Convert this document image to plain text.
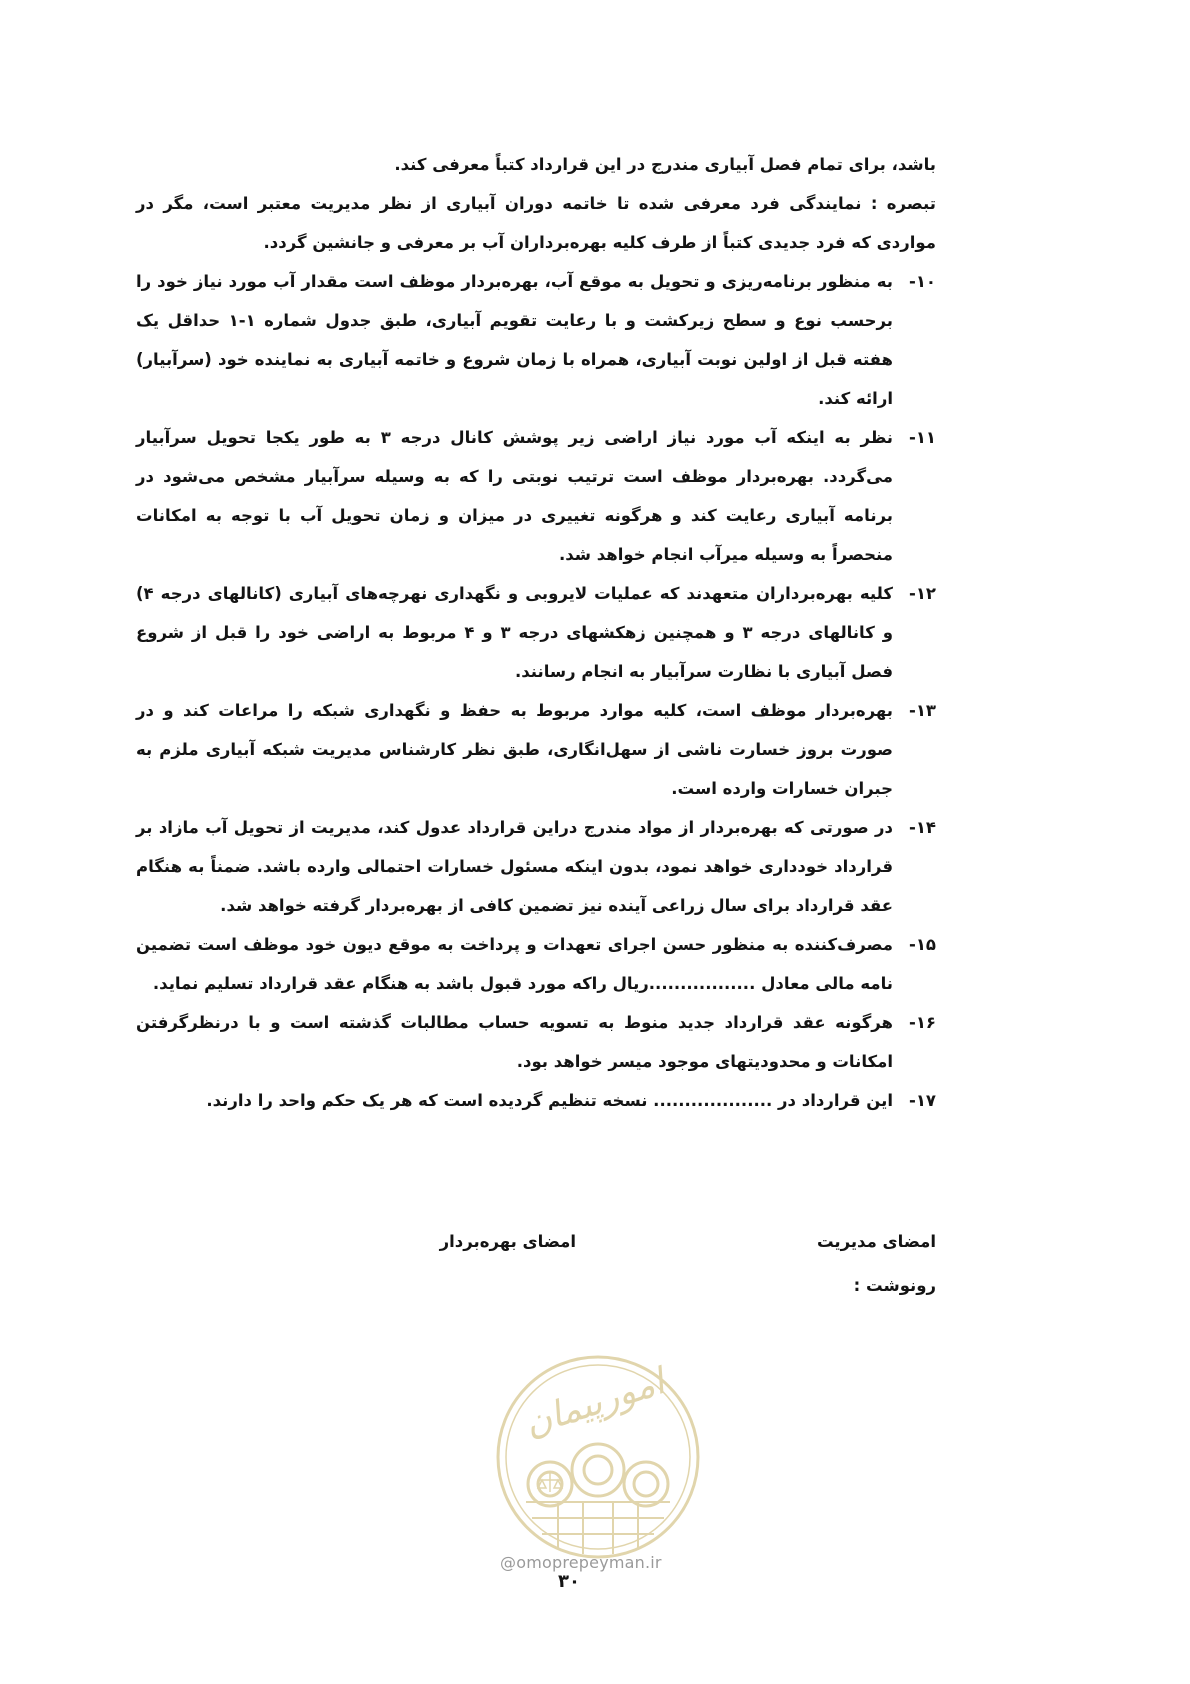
باشد، برای تمام فصل آبیاری مندرج در این قرارداد کتباً معرفی کند.
تبصره : نمایندگی فرد معرفی شده تا خاتمه دوران آبیاری از نظر مدیریت معتبر است، مگر در مواردی که فرد جدیدی کتباً از طرف کلیه بهره‌برداران آب بر معرفی و جانشین گردد.
۱۰-
به منظور برنامه‌ریزی و تحویل به موقع آب، بهره‌بردار موظف است مقدار آب مورد نیاز خود را برحسب نوع و سطح زیرکشت و با رعایت تقویم آبیاری، طبق جدول شماره ۱-۱ حداقل یک هفته قبل از اولین نوبت آبیاری، همراه با زمان شروع و خاتمه آبیاری به نماینده خود (سرآبیار) ارائه کند.
۱۱-
نظر به اینکه آب مورد نیاز اراضی زیر پوشش کانال درجه ۳ به طور یکجا تحویل سرآبیار می‌گردد. بهره‌بردار موظف است ترتیب نوبتی را که به وسیله سرآبیار مشخص می‌شود در برنامه آبیاری رعایت کند و هرگونه تغییری در میزان و زمان تحویل آب با توجه به امکانات منحصراً به وسیله میرآب انجام خواهد شد.
۱۲-
کلیه بهره‌برداران متعهدند که عملیات لایروبی و نگهداری نهرچه‌های آبیاری (کانالهای درجه ۴) و کانالهای درجه ۳ و همچنین زهکشهای درجه ۳ و ۴ مربوط به اراضی خود را قبل از شروع فصل آبیاری با نظارت سرآبیار به انجام رسانند.
۱۳-
بهره‌بردار موظف است، کلیه موارد مربوط به حفظ و نگهداری شبکه را مراعات کند و در صورت بروز خسارت ناشی از سهل‌انگاری، طبق نظر کارشناس مدیریت شبکه آبیاری ملزم به جبران خسارات وارده است.
۱۴-
در صورتی که بهره‌بردار از مواد مندرج دراین قرارداد عدول کند، مدیریت از تحویل آب مازاد بر قرارداد خودداری خواهد نمود، بدون اینکه مسئول خسارات احتمالی وارده باشد. ضمناً به هنگام عقد قرارداد برای سال زراعی آینده نیز تضمین کافی از بهره‌بردار گرفته خواهد شد.
۱۵-
مصرف‌کننده به منظور حسن اجرای تعهدات و پرداخت به موقع دیون خود موظف است تضمین نامه مالی معادل .................ریال راکه مورد قبول باشد به هنگام عقد قرارداد تسلیم نماید.
۱۶-
هرگونه عقد قرارداد جدید منوط به تسویه حساب مطالبات گذشته است و با درنظرگرفتن امکانات و محدودیتهای موجود میسر خواهد بود.
۱۷-
این قرارداد در ................... نسخه تنظیم گردیده است که هر یک حکم واحد را دارند.
امضای مدیریت
امضای بهره‌بردار
رونوشت :
امورپیمان
@omoprepeyman.ir
۳۰
